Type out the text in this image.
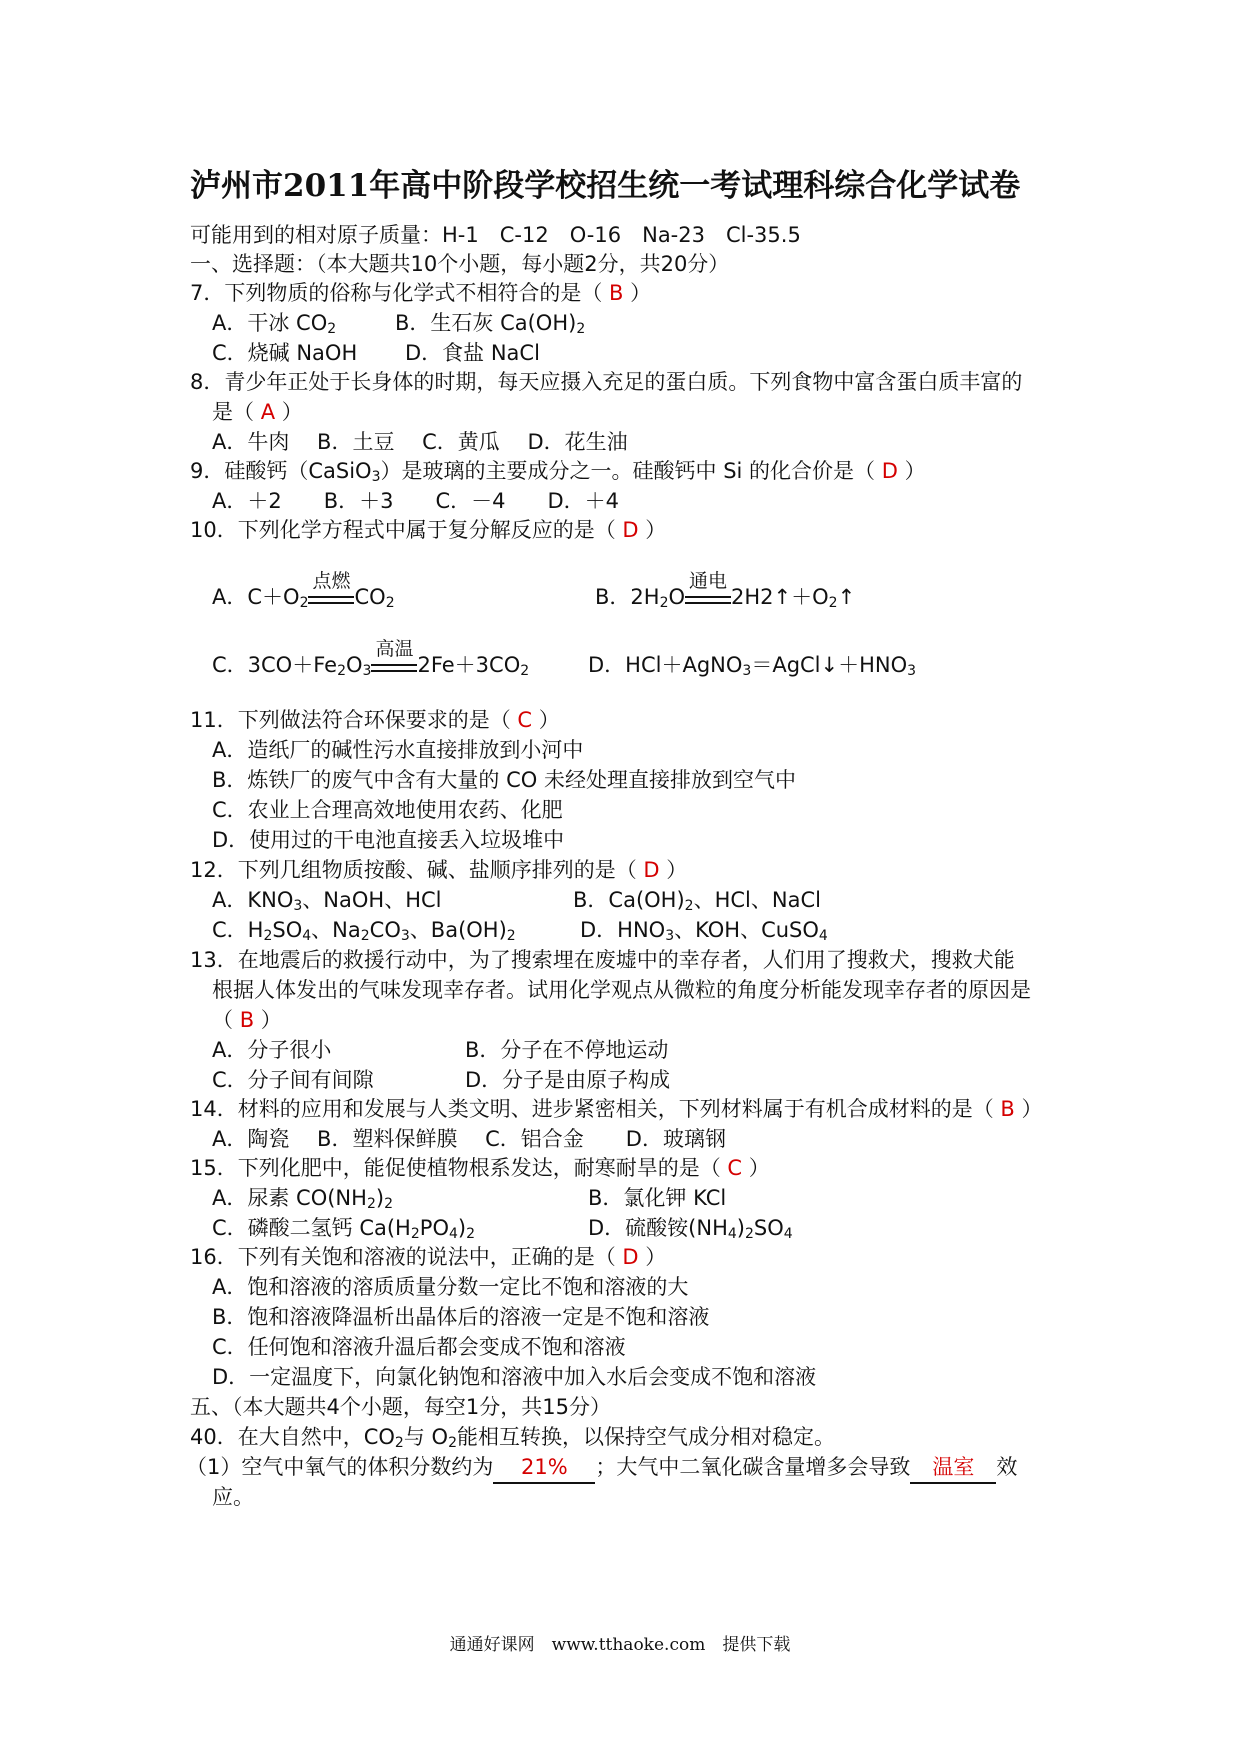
泸州市2011年高中阶段学校招生统一考试理科综合化学试卷
可能用到的相对原子质量：H-1　C-12　O-16　Na-23　Cl-35.5
一、选择题：（本大题共10个小题，每小题2分，共20分）
7．下列物质的俗称与化学式不相符合的是（ B ）
A．干冰 $CO_2$	B．生石灰 $Ca(OH)_2$
C．烧碱 NaOH D．食盐 NaCl
8．青少年正处于长身体的时期，每天应摄入充足的蛋白质。下列食物中富含蛋白质丰富的
是（ A ）
A．牛肉　 B．土豆　 C．黄瓜　 D．花生油
9．硅酸钙（CaSiO$_3$）是玻璃的主要成分之一。硅酸钙中 Si 的化合价是（ D ）
A．＋2　　B．＋3　　C．－4　　D．＋4
10．下列化学方程式中属于复分解反应的是（ D ）
A．$C+O_2$
点燃
$CO_2$	B．$2H_2O$
通电
$2H2↑+O_2↑$
C．$3CO+Fe_2O_3$
高温
$2Fe+3CO_2$	D．$HCl+AgNO_3=AgCl↓+HNO_3$
11．下列做法符合环保要求的是（ C ）
A．造纸厂的碱性污水直接排放到小河中
B．炼铁厂的废气中含有大量的 CO 未经处理直接排放到空气中
C．农业上合理高效地使用农药、化肥
D．使用过的干电池直接丢入垃圾堆中
12．下列几组物质按酸、碱、盐顺序排列的是（ D ）
A．$KNO_3$、NaOH、HCl	B．$Ca(OH)_2$、HCl、NaCl
C．$H_2SO_4$、$Na_2CO_3$、$Ba(OH)_2$	D．$HNO_3$、KOH、CuSO$_4$
13．在地震后的救援行动中，为了搜索埋在废墟中的幸存者，人们用了搜救犬，搜救犬能
根据人体发出的气味发现幸存者。试用化学观点从微粒的角度分析能发现幸存者的原因是
（ B ）
A．分子很小	B．分子在不停地运动
C．分子间有间隙	D．分子是由原子构成
14．材料的应用和发展与人类文明、进步紧密相关，下列材料属于有机合成材料的是（ B ）
A．陶瓷　 B．塑料保鲜膜　 C．铝合金　　D．玻璃钢
15．下列化肥中，能促使植物根系发达，耐寒耐旱的是（ C ）
A．尿素 $CO(NH_2)_2$	B．氯化钾 KCl
C．磷酸二氢钙 $Ca(H_2PO_4)_2$	D．硫酸铵$(NH_4)_2SO_4$
16．下列有关饱和溶液的说法中，正确的是（ D ）
A．饱和溶液的溶质质量分数一定比不饱和溶液的大
B．饱和溶液降温析出晶体后的溶液一定是不饱和溶液
C．任何饱和溶液升温后都会变成不饱和溶液
D．一定温度下，向氯化钠饱和溶液中加入水后会变成不饱和溶液
五、（本大题共4个小题，每空1分，共15分）
40．在大自然中，$CO_2$与 $O_2$能相互转换，以保持空气成分相对稳定。
（1）空气中氧气的体积分数约为 21% ；大气中二氧化碳含量增多会导致 温室 效
应。
通通好课网　www.tthaoke.com　提供下载
